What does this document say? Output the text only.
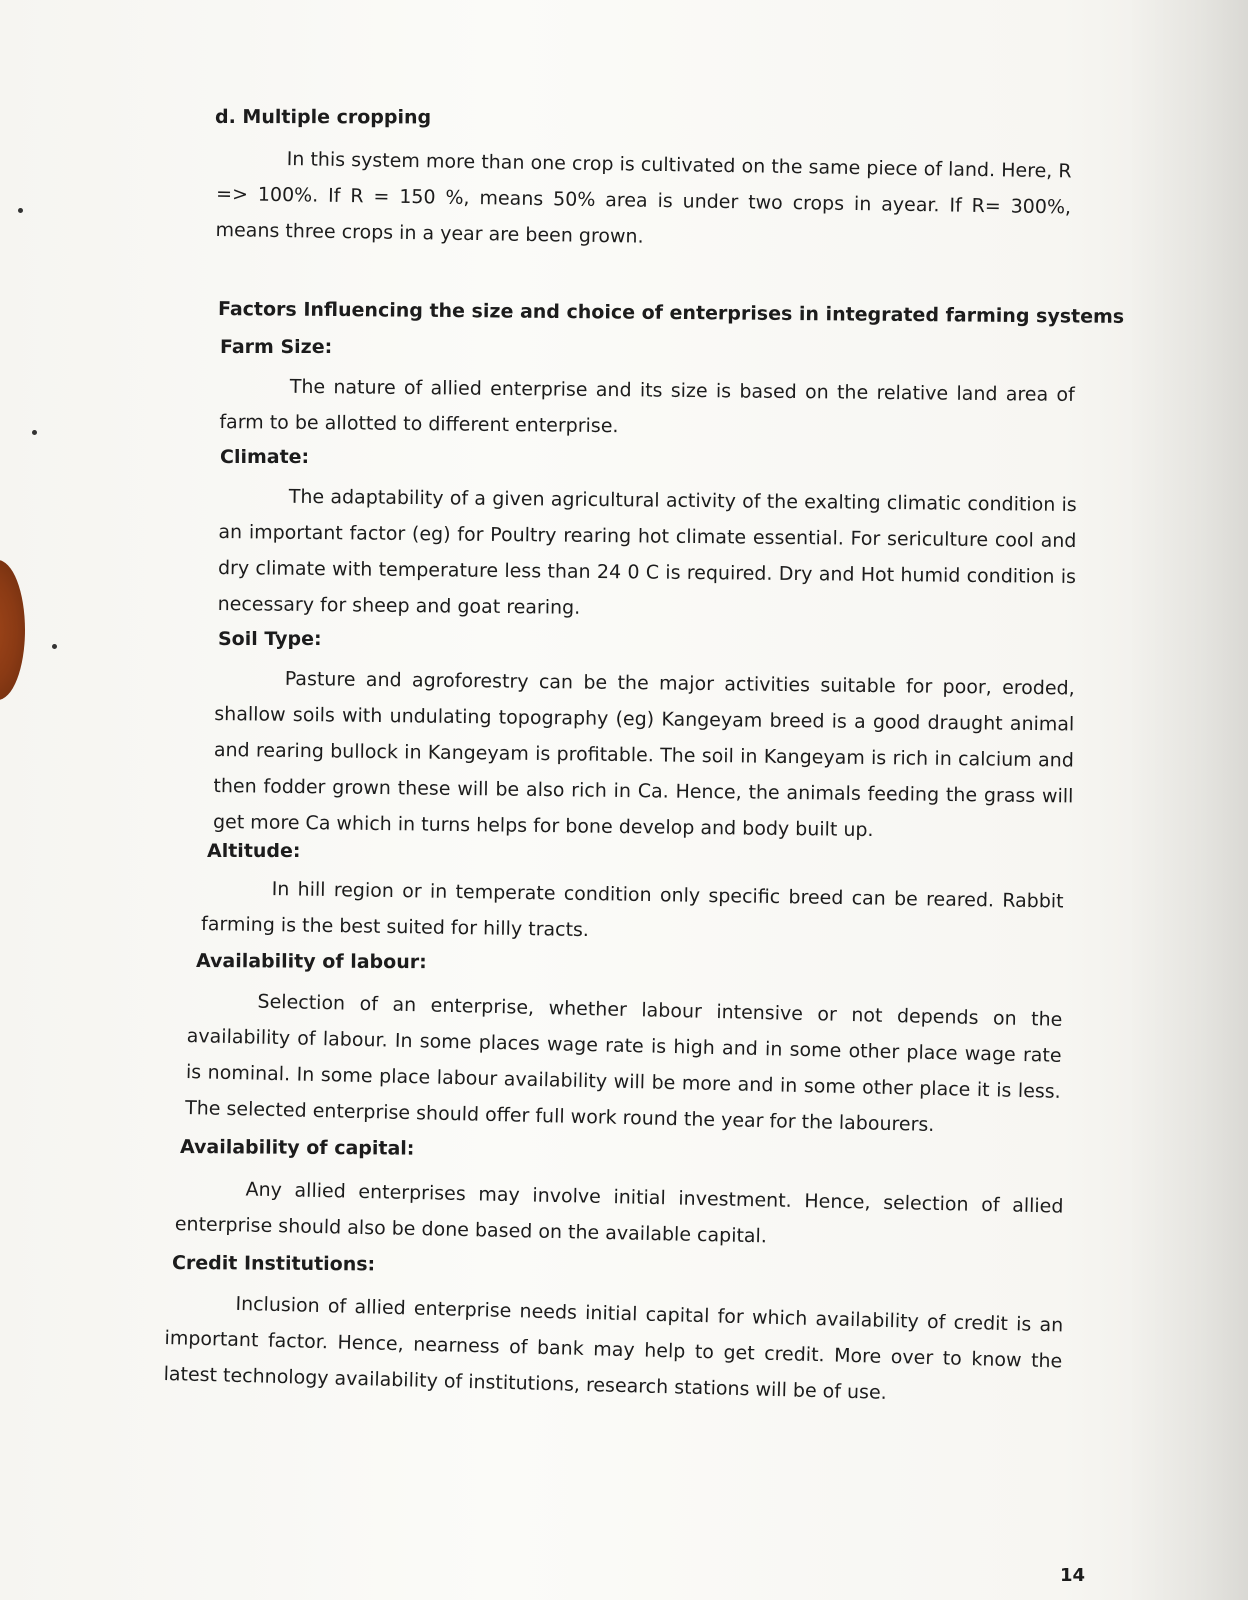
d. Multiple cropping
In this system more than one crop is cultivated on the same piece of land. Here, R => 100%. If R = 150 %, means 50% area is under two crops in ayear. If R= 300%, means three crops in a year are been grown.
Factors Influencing the size and choice of enterprises in integrated farming systems
Farm Size:
The nature of allied enterprise and its size is based on the relative land area of farm to be allotted to different enterprise.
Climate:
The adaptability of a given agricultural activity of the exalting climatic condition is an important factor (eg) for Poultry rearing hot climate essential. For sericulture cool and dry climate with temperature less than 24 0 C is required. Dry and Hot humid condition is necessary for sheep and goat rearing.
Soil Type:
Pasture and agroforestry can be the major activities suitable for poor, eroded, shallow soils with undulating topography (eg) Kangeyam breed is a good draught animal and rearing bullock in Kangeyam is profitable. The soil in Kangeyam is rich in calcium and then fodder grown these will be also rich in Ca. Hence, the animals feeding the grass will get more Ca which in turns helps for bone develop and body built up.
Altitude:
In hill region or in temperate condition only specific breed can be reared. Rabbit farming is the best suited for hilly tracts.
Availability of labour:
Selection of an enterprise, whether labour intensive or not depends on the availability of labour. In some places wage rate is high and in some other place wage rate is nominal. In some place labour availability will be more and in some other place it is less. The selected enterprise should offer full work round the year for the labourers.
Availability of capital:
Any allied enterprises may involve initial investment. Hence, selection of allied enterprise should also be done based on the available capital.
Credit Institutions:
Inclusion of allied enterprise needs initial capital for which availability of credit is an important factor. Hence, nearness of bank may help to get credit. More over to know the latest technology availability of institutions, research stations will be of use.
14
